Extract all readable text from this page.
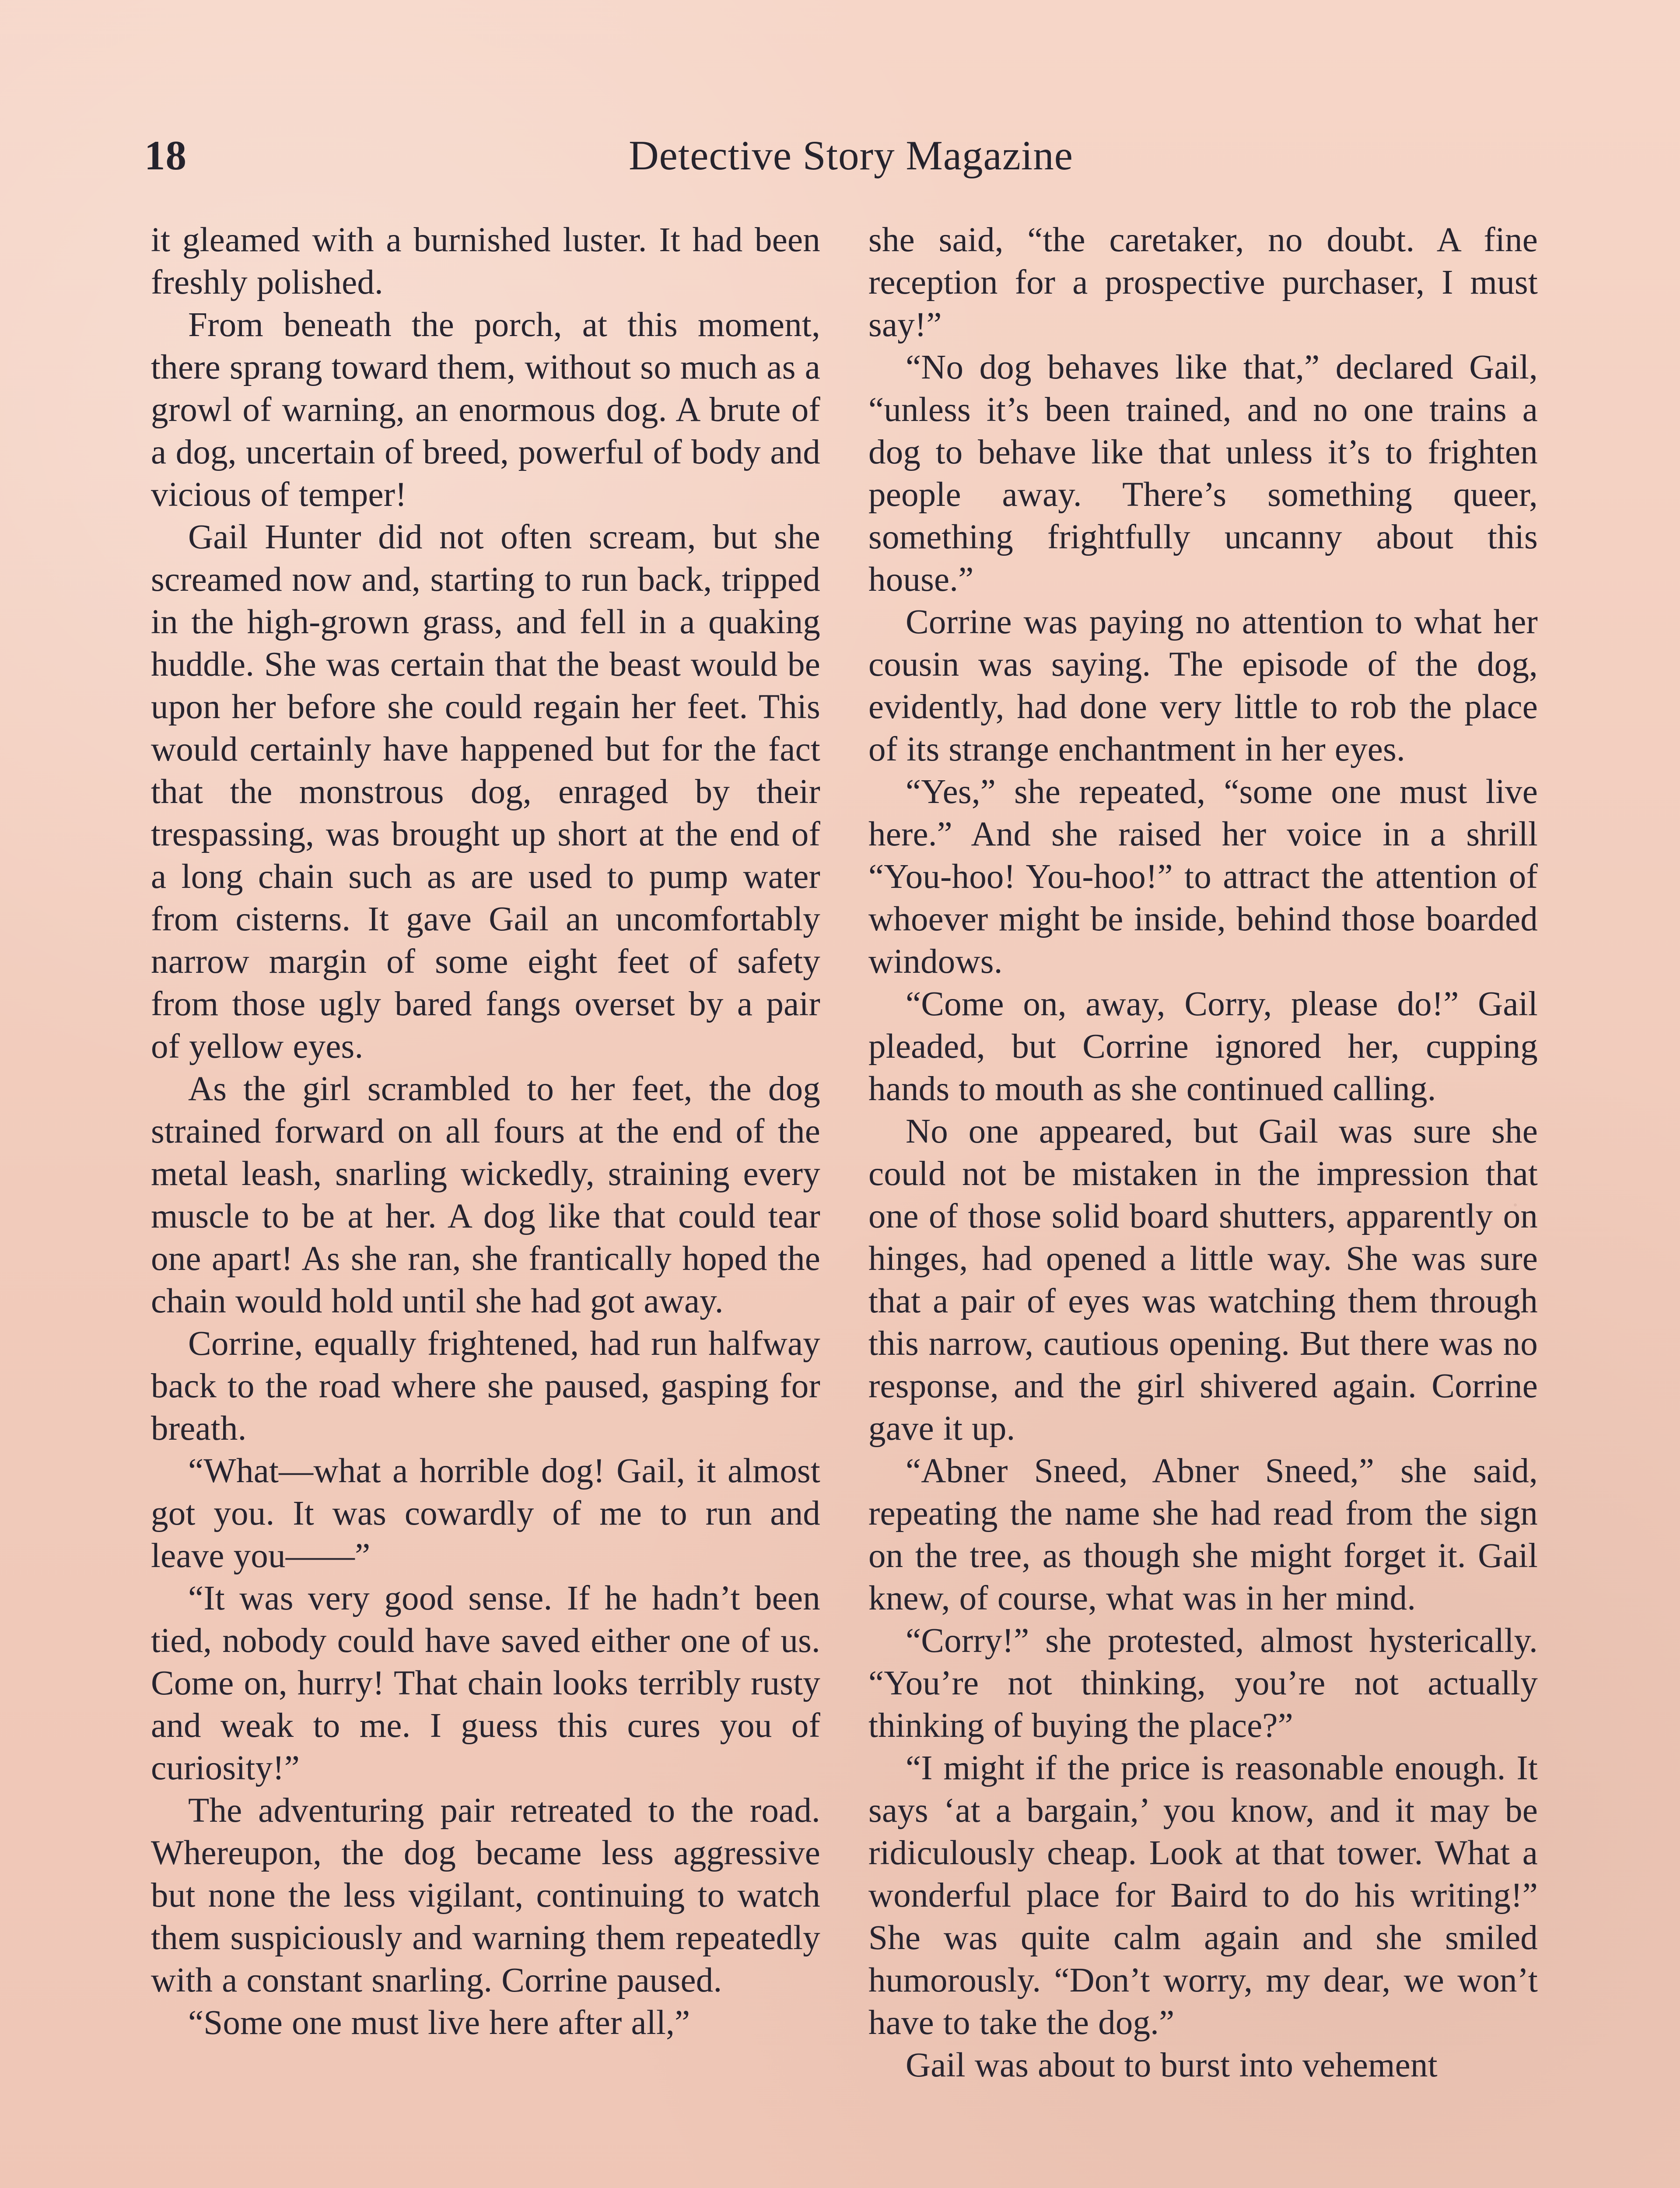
18	Detective Story Magazine

it gleamed with a burnished luster. It had been freshly polished.

From beneath the porch, at this moment, there sprang toward them, without so much as a growl of warning, an enormous dog. A brute of a dog, uncertain of breed, powerful of body and vicious of temper!

Gail Hunter did not often scream, but she screamed now and, starting to run back, tripped in the high-grown grass, and fell in a quaking huddle. She was certain that the beast would be upon her before she could regain her feet. This would certainly have happened but for the fact that the monstrous dog, enraged by their trespassing, was brought up short at the end of a long chain such as are used to pump water from cisterns. It gave Gail an uncomfortably narrow margin of some eight feet of safety from those ugly bared fangs overset by a pair of yellow eyes.

As the girl scrambled to her feet, the dog strained forward on all fours at the end of the metal leash, snarling wickedly, straining every muscle to be at her. A dog like that could tear one apart! As she ran, she frantically hoped the chain would hold until she had got away.

Corrine, equally frightened, had run halfway back to the road where she paused, gasping for breath.

“What—what a horrible dog! Gail, it almost got you. It was cowardly of me to run and leave you——”

“It was very good sense. If he hadn’t been tied, nobody could have saved either one of us. Come on, hurry! That chain looks terribly rusty and weak to me. I guess this cures you of curiosity!”

The adventuring pair retreated to the road. Whereupon, the dog became less aggressive but none the less vigilant, continuing to watch them suspiciously and warning them repeatedly with a constant snarling. Corrine paused.

“Some one must live here after all,”

she said, “the caretaker, no doubt. A fine reception for a prospective purchaser, I must say!”

“No dog behaves like that,” declared Gail, “unless it’s been trained, and no one trains a dog to behave like that unless it’s to frighten people away. There’s something queer, something frightfully uncanny about this house.”

Corrine was paying no attention to what her cousin was saying. The episode of the dog, evidently, had done very little to rob the place of its strange enchantment in her eyes.

“Yes,” she repeated, “some one must live here.” And she raised her voice in a shrill “You-hoo! You-hoo!” to attract the attention of whoever might be inside, behind those boarded windows.

“Come on, away, Corry, please do!” Gail pleaded, but Corrine ignored her, cupping hands to mouth as she continued calling.

No one appeared, but Gail was sure she could not be mistaken in the impression that one of those solid board shutters, apparently on hinges, had opened a little way. She was sure that a pair of eyes was watching them through this narrow, cautious opening. But there was no response, and the girl shivered again. Corrine gave it up.

“Abner Sneed, Abner Sneed,” she said, repeating the name she had read from the sign on the tree, as though she might forget it. Gail knew, of course, what was in her mind.

“Corry!” she protested, almost hysterically. “You’re not thinking, you’re not actually thinking of buying the place?”

“I might if the price is reasonable enough. It says ‘at a bargain,’ you know, and it may be ridiculously cheap. Look at that tower. What a wonderful place for Baird to do his writing!” She was quite calm again and she smiled humorously. “Don’t worry, my dear, we won’t have to take the dog.”

Gail was about to burst into vehement
